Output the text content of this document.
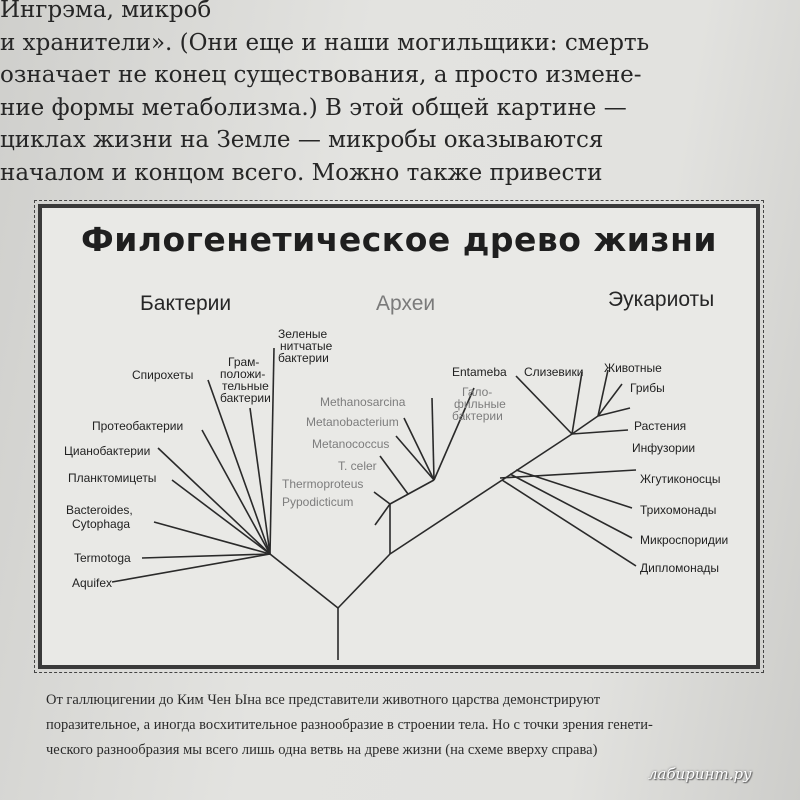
Ингрэма, микроб
и хранители». (Они еще и наши могильщики: смерть
означает не конец существования, а просто измене-
ние формы метаболизма.) В этой общей картине —
циклах жизни на Земле — микробы оказываются
началом и концом всего. Можно также привести
Филогенетическое древо жизни
Бактерии	Археи	Эукариоты
Спирохеты
Грам-
положи-
тельные
бактерии
Зеленые
нитчатые
бактерии
Протеобактерии
Цианобактерии
Планктомицеты
Bacteroides,
Cytophaga
Termotoga
Aquifex
Methanosarcina
Гало-
фильные
бактерии
Metanobacterium
Metanococcus
T. celer
Thermoproteus
Pypodicticum
Entameba Слизевики Животные
Грибы
Растения
Инфузории
Жгутиконосцы
Трихомонады
Микроспоридии
Дипломонады
От галлюцигении до Ким Чен Ына все представители животного царства демонстрируют
поразительное, а иногда восхитительное разнообразие в строении тела. Но с точки зрения генети-
ческого разнообразия мы всего лишь одна ветвь на древе жизни (на схеме вверху справа)
лабиринт.ру
